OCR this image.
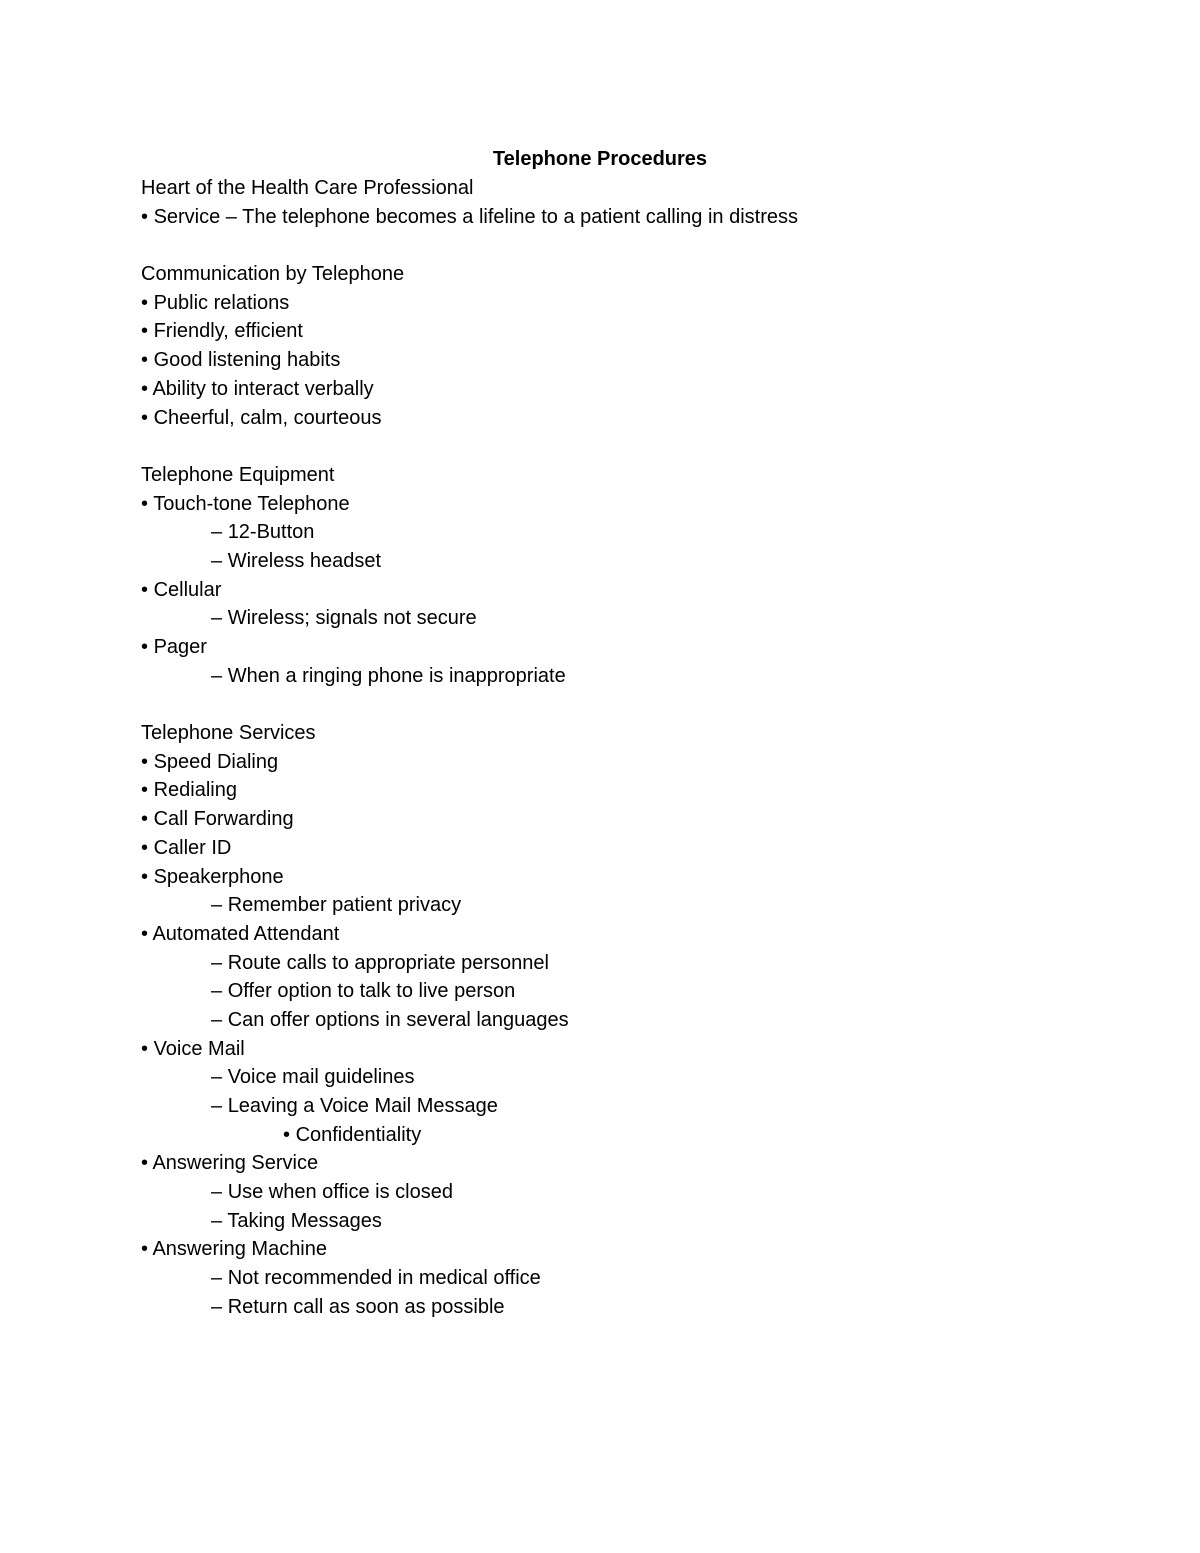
Telephone Procedures

Heart of the Health Care Professional

• Service – The telephone becomes a lifeline to a patient calling in distress

Communication by Telephone

• Public relations

• Friendly, efficient

• Good listening habits

• Ability to interact verbally

• Cheerful, calm, courteous

Telephone Equipment

• Touch-tone Telephone

– 12-Button

– Wireless headset

• Cellular

– Wireless; signals not secure

• Pager

– When a ringing phone is inappropriate

Telephone Services

• Speed Dialing

• Redialing

• Call Forwarding

• Caller ID

• Speakerphone

– Remember patient privacy

• Automated Attendant

– Route calls to appropriate personnel

– Offer option to talk to live person

– Can offer options in several languages

• Voice Mail

– Voice mail guidelines

– Leaving a Voice Mail Message

• Confidentiality

• Answering Service

– Use when office is closed

– Taking Messages

• Answering Machine

– Not recommended in medical office

– Return call as soon as possible
